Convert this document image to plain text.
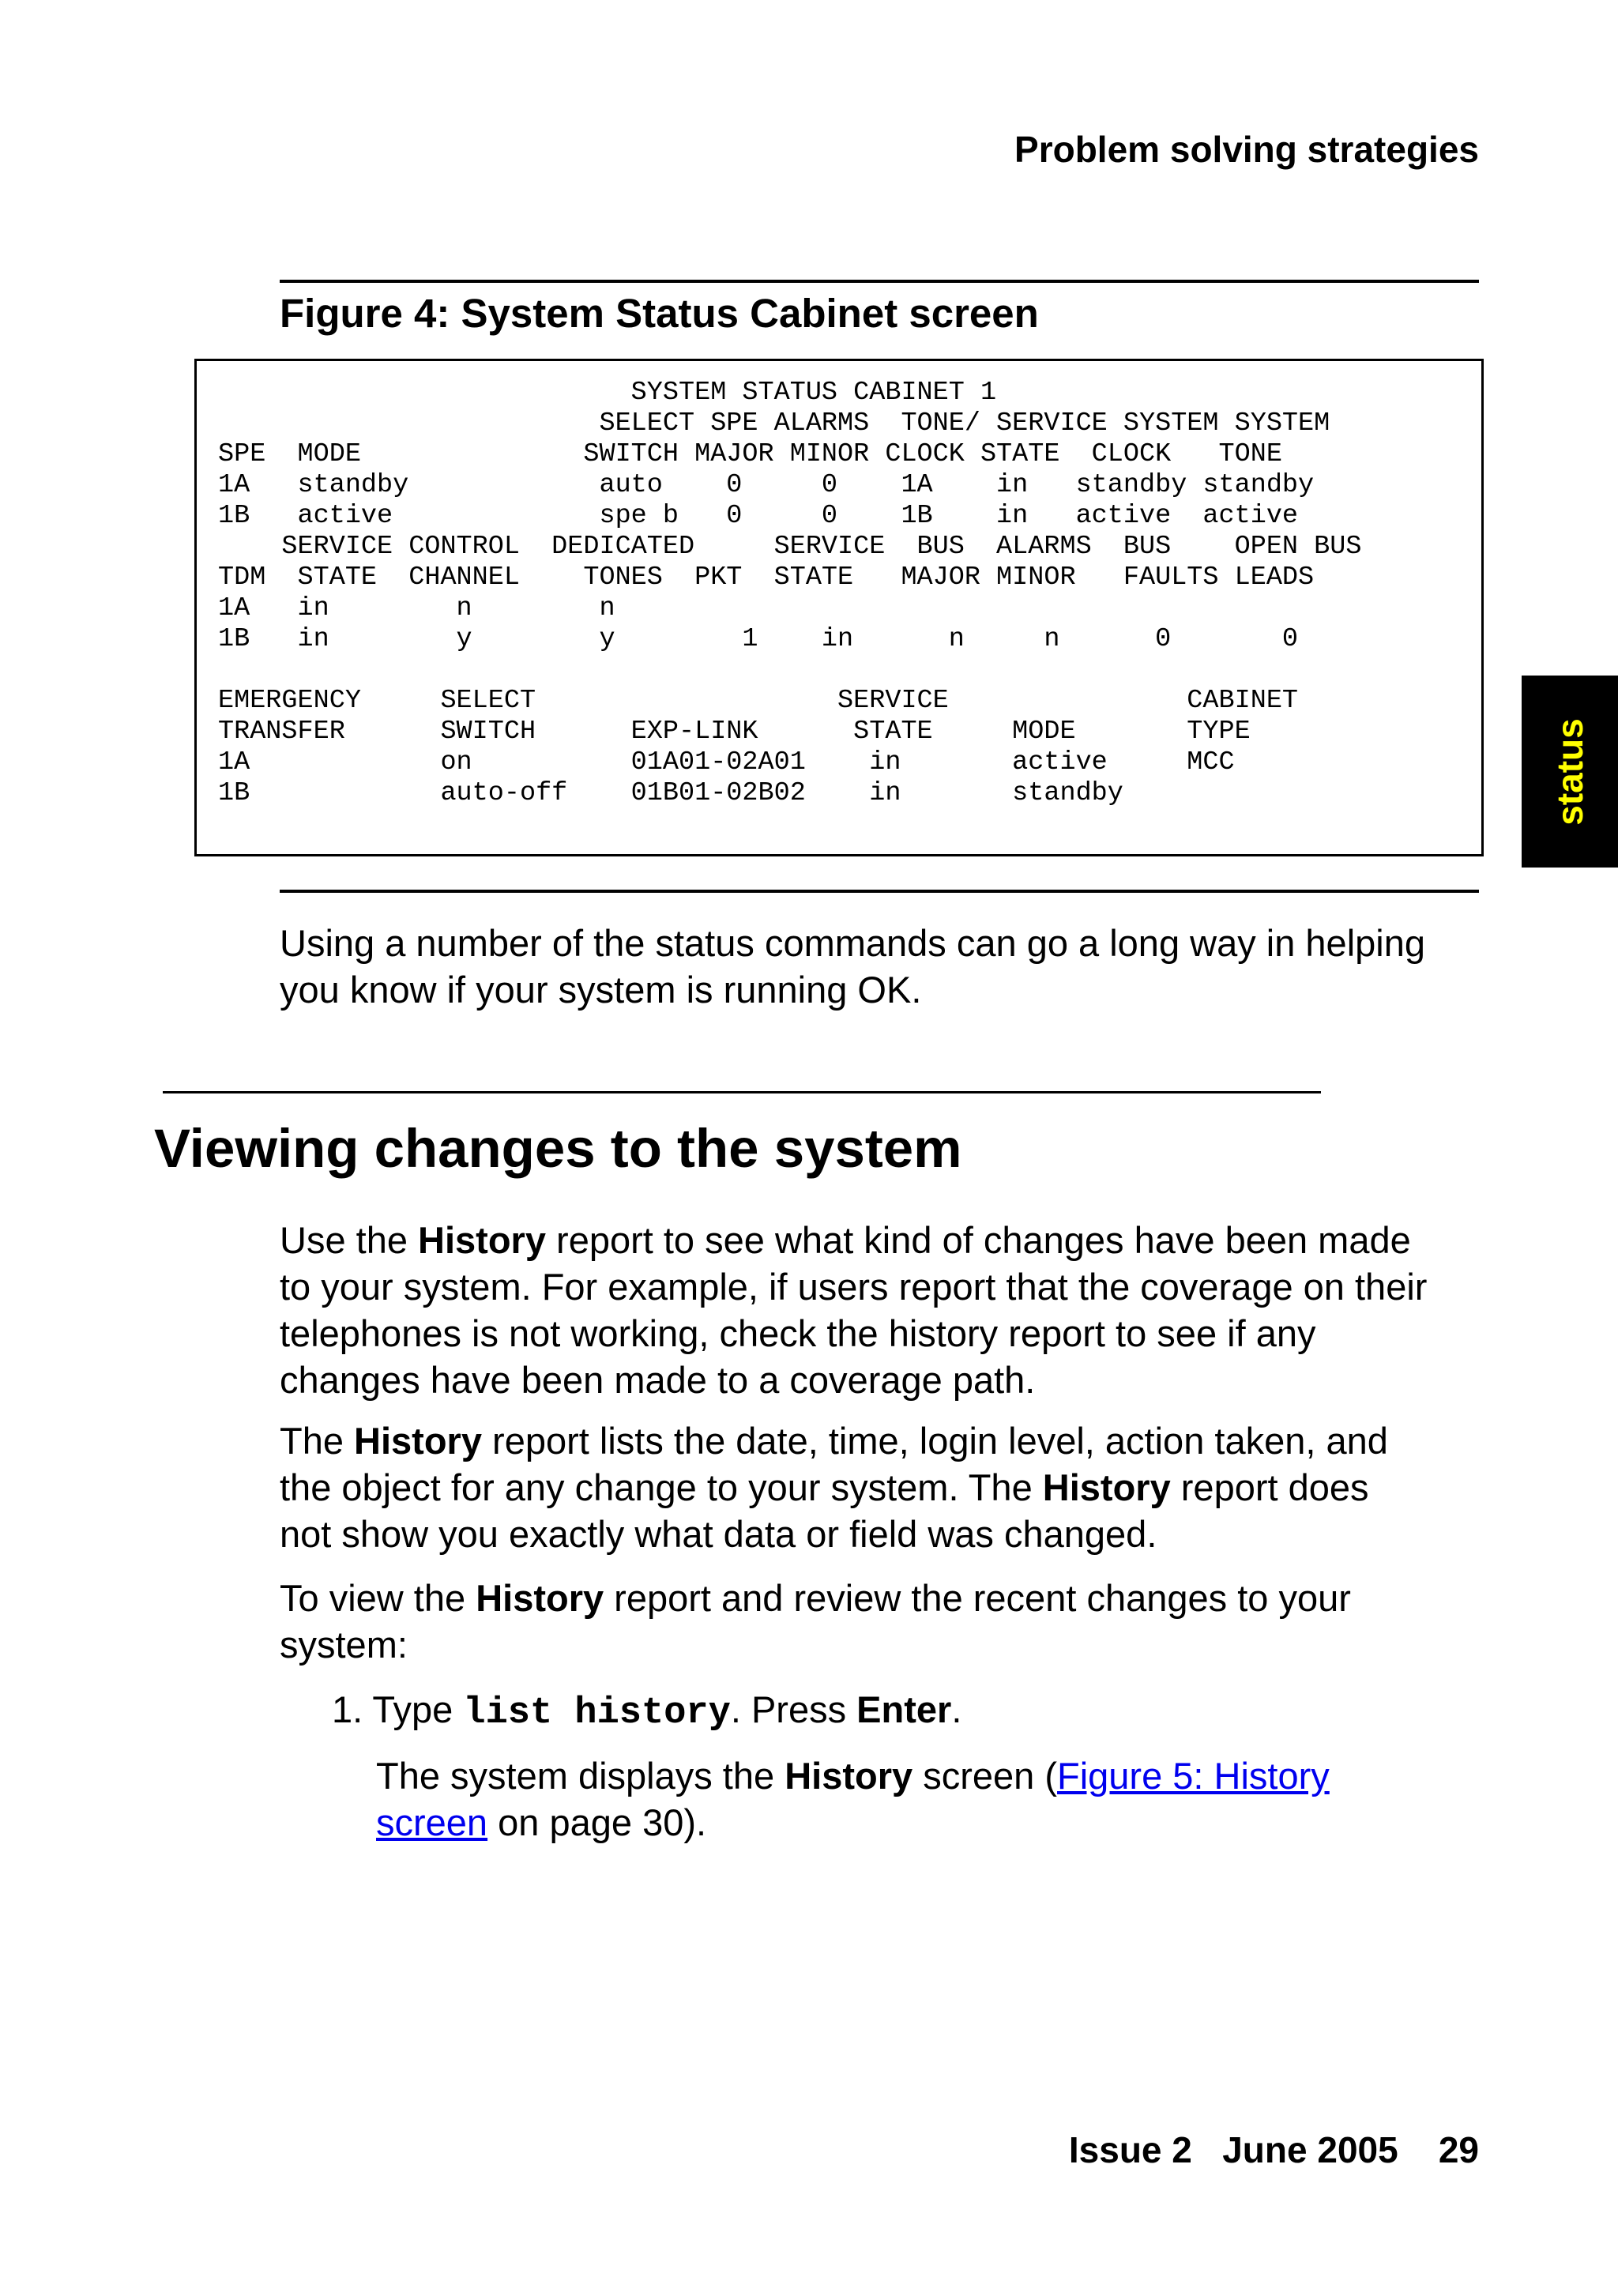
Problem solving strategies
Figure 4: System Status Cabinet screen
SYSTEM STATUS CABINET 1
SELECT SPE ALARMS  TONE/ SERVICE SYSTEM SYSTEM
SPE  MODE              SWITCH MAJOR MINOR CLOCK STATE  CLOCK   TONE
1A   standby            auto    0     0    1A    in   standby standby
1B   active             spe b   0     0    1B    in   active  active
SERVICE CONTROL  DEDICATED     SERVICE  BUS  ALARMS  BUS    OPEN BUS
TDM  STATE  CHANNEL    TONES  PKT  STATE   MAJOR MINOR   FAULTS LEADS
1A   in        n        n
1B   in        y        y        1    in      n     n      0       0

EMERGENCY     SELECT                   SERVICE               CABINET
TRANSFER      SWITCH      EXP-LINK      STATE     MODE       TYPE
1A            on          01A01-02A01    in       active     MCC
1B            auto-off    01B01-02B02    in       standby	status
Using a number of the status commands can go a long way in helping
you know if your system is running OK.
Viewing changes to the system
Use the History report to see what kind of changes have been made
to your system. For example, if users report that the coverage on their
telephones is not working, check the history report to see if any
changes have been made to a coverage path.
The History report lists the date, time, login level, action taken, and
the object for any change to your system. The History report does
not show you exactly what data or field was changed.
To view the History report and review the recent changes to your
system:
1. Type list history. Press Enter.
The system displays the History screen (Figure 5: History
screen on page 30).
Issue 2 June 2005 29
